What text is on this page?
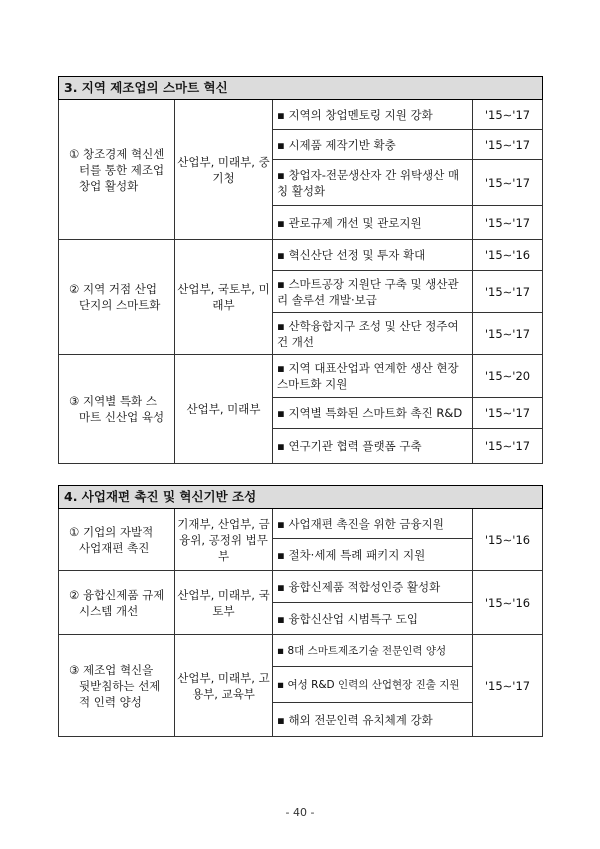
3. 지역 제조업의 스마트 혁신			

① 창조경제 혁신센터를 통한 제조업 창업 활성화	산업부, 미래부, 중기청	▪ 지역의 창업멘토링 지원 강화	'15∼'17
		▪ 시제품 제작기반 확충	'15∼'17
		▪ 창업자-전문생산자 간 위탁생산 매칭 활성화	'15∼'17
		▪ 관로규제 개선 및 관로지원	'15∼'17

② 지역 거점 산업단지의 스마트화	산업부, 국토부, 미래부	▪ 혁신산단 선정 및 투자 확대	'15∼'16
		▪ 스마트공장 지원단 구축 및 생산관리 솔루션 개발‧보급	'15∼'17
		▪ 산학융합지구 조성 및 산단 정주여건 개선	'15∼'17

③ 지역별 특화 스마트 신산업 육성	산업부, 미래부	▪ 지역 대표산업과 연계한 생산 현장 스마트화 지원	'15∼'20
		▪ 지역별 특화된 스마트화 촉진 R&D	'15∼'17
		▪ 연구기관 협력 플랫폼 구축	'15∼'17
4. 사업재편 촉진 및 혁신기반 조성			

① 기업의 자발적 사업재편 촉진	기재부, 산업부, 금융위, 공정위 법무부	▪ 사업재편 촉진을 위한 금융지원	'15∼'16
		▪ 절차‧세제 특례 패키지 지원	

② 융합신제품 규제 시스템 개선	산업부, 미래부, 국토부	▪ 융합신제품 적합성인증 활성화	'15∼'16
		▪ 융합신산업 시범특구 도입	

③ 제조업 혁신을 뒷받침하는 선제적 인력 양성	산업부, 미래부, 고용부, 교육부	▪ 8대 스마트제조기술 전문인력 양성	'15∼'17
		▪ 여성 R&D 인력의 산업현장 진출 지원	
		▪ 해외 전문인력 유치체계 강화	
- 40 -
